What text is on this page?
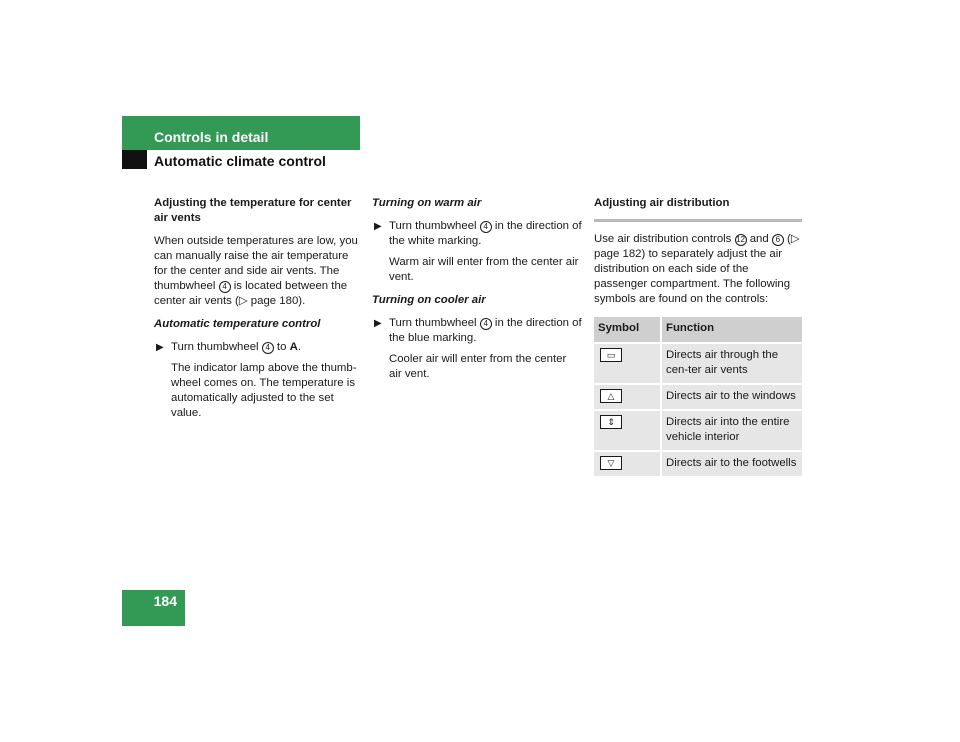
Controls in detail
Automatic climate control
184

Adjusting the temperature for center air vents

When outside temperatures are low, you can manually raise the air temperature for the center and side air vents. The thumbwheel 4 is located between the center air vents (▷ page 180).

Automatic temperature control

▶ Turn thumbwheel 4 to A.

The indicator lamp above the thumb-wheel comes on. The temperature is automatically adjusted to the set value.

Turning on warm air

▶ Turn thumbwheel 4 in the direction of the white marking.

Warm air will enter from the center air vent.

Turning on cooler air

▶ Turn thumbwheel 4 in the direction of the blue marking.

Cooler air will enter from the center air vent.

Adjusting air distribution

Use air distribution controls 12 and 6 (▷ page 182) to separately adjust the air distribution on each side of the passenger compartment. The following symbols are found on the controls:

Symbol	Function
▭	Directs air through the cen-ter air vents
△	Directs air to the windows
⇕	Directs air into the entire vehicle interior
▽	Directs air to the footwells
